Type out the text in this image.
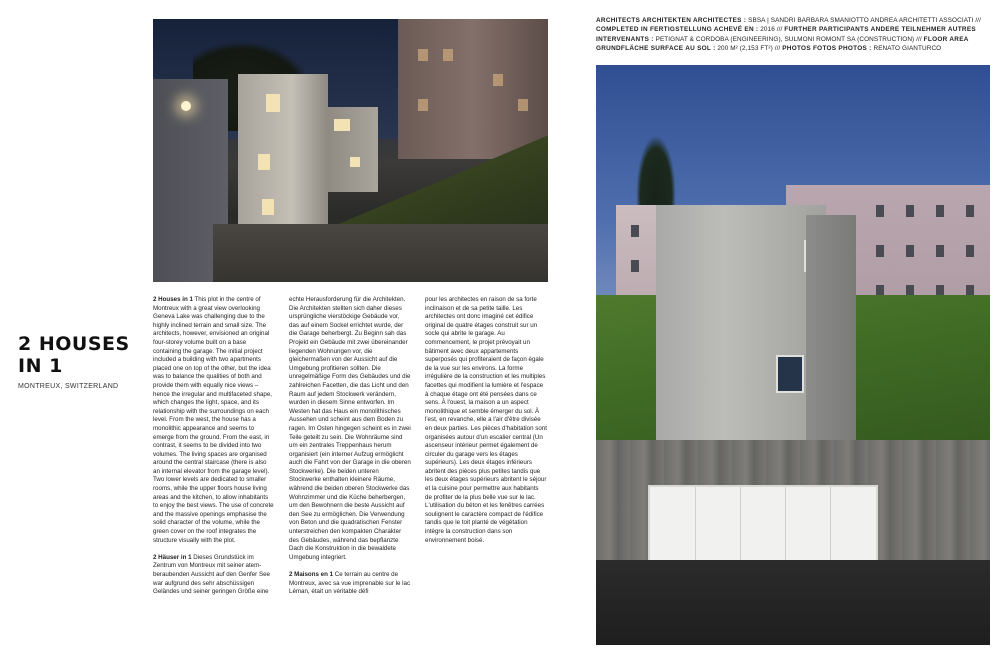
2 HOUSES
IN 1
MONTREUX, SWITZERLAND

2 Houses in 1 This plot in the centre of Montreux with a great view overlooking Geneva Lake was challenging due to the highly inclined terrain and small size. The architects, however, envisioned an original four-storey volume built on a base containing the garage. The initial project included a building with two apartments placed one on top of the other, but the idea was to balance the qualities of both and provide them with equally nice views – hence the irregular and multifaceted shape, which changes the light, space, and its relationship with the surroundings on each level. From the west, the house has a monolithic appearance and seems to emerge from the ground. From the east, in contrast, it seems to be divided into two volumes. The living spaces are organised around the central staircase (there is also an internal elevator from the garage level). Two lower levels are dedicated to smaller rooms, while the upper floors house living areas and the kitchen, to allow inhabitants to enjoy the best views. The use of concrete and the massive openings emphasise the solid character of the volume, while the green cover on the roof integrates the structure visually with the plot.

2 Häuser in 1 Dieses Grundstück im Zentrum von Montreux mit seiner atem-beraubenden Aussicht auf den Genfer See war aufgrund des sehr abschüssigen Geländes und seiner geringen Größe eine

echte Herausforderung für die Architekten. Die Architekten stellten sich daher dieses ursprüngliche vierstöckige Gebäude vor, das auf einem Sockel errichtet wurde, der die Garage beherbergt. Zu Beginn sah das Projekt ein Gebäude mit zwei übereinander liegenden Wohnungen vor, die gleichermaßen von der Aussicht auf die Umgebung profitieren sollten. Die unregelmäßige Form des Gebäudes und die zahlreichen Facetten, die das Licht und den Raum auf jedem Stockwerk verändern, wurden in diesem Sinne entworfen. Im Westen hat das Haus ein monolithisches Aussehen und scheint aus dem Boden zu ragen. Im Osten hingegen scheint es in zwei Teile geteilt zu sein. Die Wohnräume sind um ein zentrales Treppenhaus herum organisiert (ein interner Aufzug ermöglicht auch die Fahrt von der Garage in die oberen Stockwerke). Die beiden unteren Stockwerke enthalten kleinere Räume, während die beiden oberen Stockwerke das Wohnzimmer und die Küche beherbergen, um den Bewohnern die beste Aussicht auf den See zu ermöglichen. Die Verwendung von Beton und die quadratischen Fenster unterstreichen den kompakten Charakter des Gebäudes, während das bepflanzte Dach die Konstruktion in die bewaldete Umgebung integriert.

2 Maisons en 1 Ce terrain au centre de Montreux, avec sa vue imprenable sur le lac Léman, était un véritable défi

pour les architectes en raison de sa forte inclinaison et de sa petite taille. Les architectes ont donc imaginé cet édifice original de quatre étages construit sur un socle qui abrite le garage. Au commencement, le projet prévoyait un bâtiment avec deux appartements superposés qui profiteraient de façon égale de la vue sur les environs. La forme irrégulière de la construction et les multiples facettes qui modifient la lumière et l'espace à chaque étage ont été pensées dans ce sens. À l'ouest, la maison a un aspect monolithique et semble émerger du sol. À l'est, en revanche, elle a l'air d'être divisée en deux parties. Les pièces d'habitation sont organisées autour d'un escalier central (Un ascenseur intérieur permet également de circuler du garage vers les étages supérieurs). Les deux étages inférieurs abritent des pièces plus petites tandis que les deux étages supérieurs abritent le séjour et la cuisine pour permettre aux habitants de profiter de la plus belle vue sur le lac. L'utilisation du béton et les fenêtres carrées soulignent le caractère compact de l'édifice tandis que le toit planté de végétation intègre la construction dans son environnement boisé.

ARCHITECTS ARCHITEKTEN ARCHITECTES : SBSA | SANDRI BARBARA SMANIOTTO ANDREA ARCHITETTI ASSOCIATI /// COMPLETED IN FERTIGSTELLUNG ACHEVÉ EN : 2016 /// FURTHER PARTICIPANTS ANDERE TEILNEHMER AUTRES INTERVENANTS : PETIGNAT & CORDOBA (ENGINEERING), SULMONI ROMONT SA (CONSTRUCTION) /// FLOOR AREA GRUNDFLÄCHE SURFACE AU SOL : 200 M² (2,153 FT²) /// PHOTOS FOTOS PHOTOS : RENATO GIANTURCO
